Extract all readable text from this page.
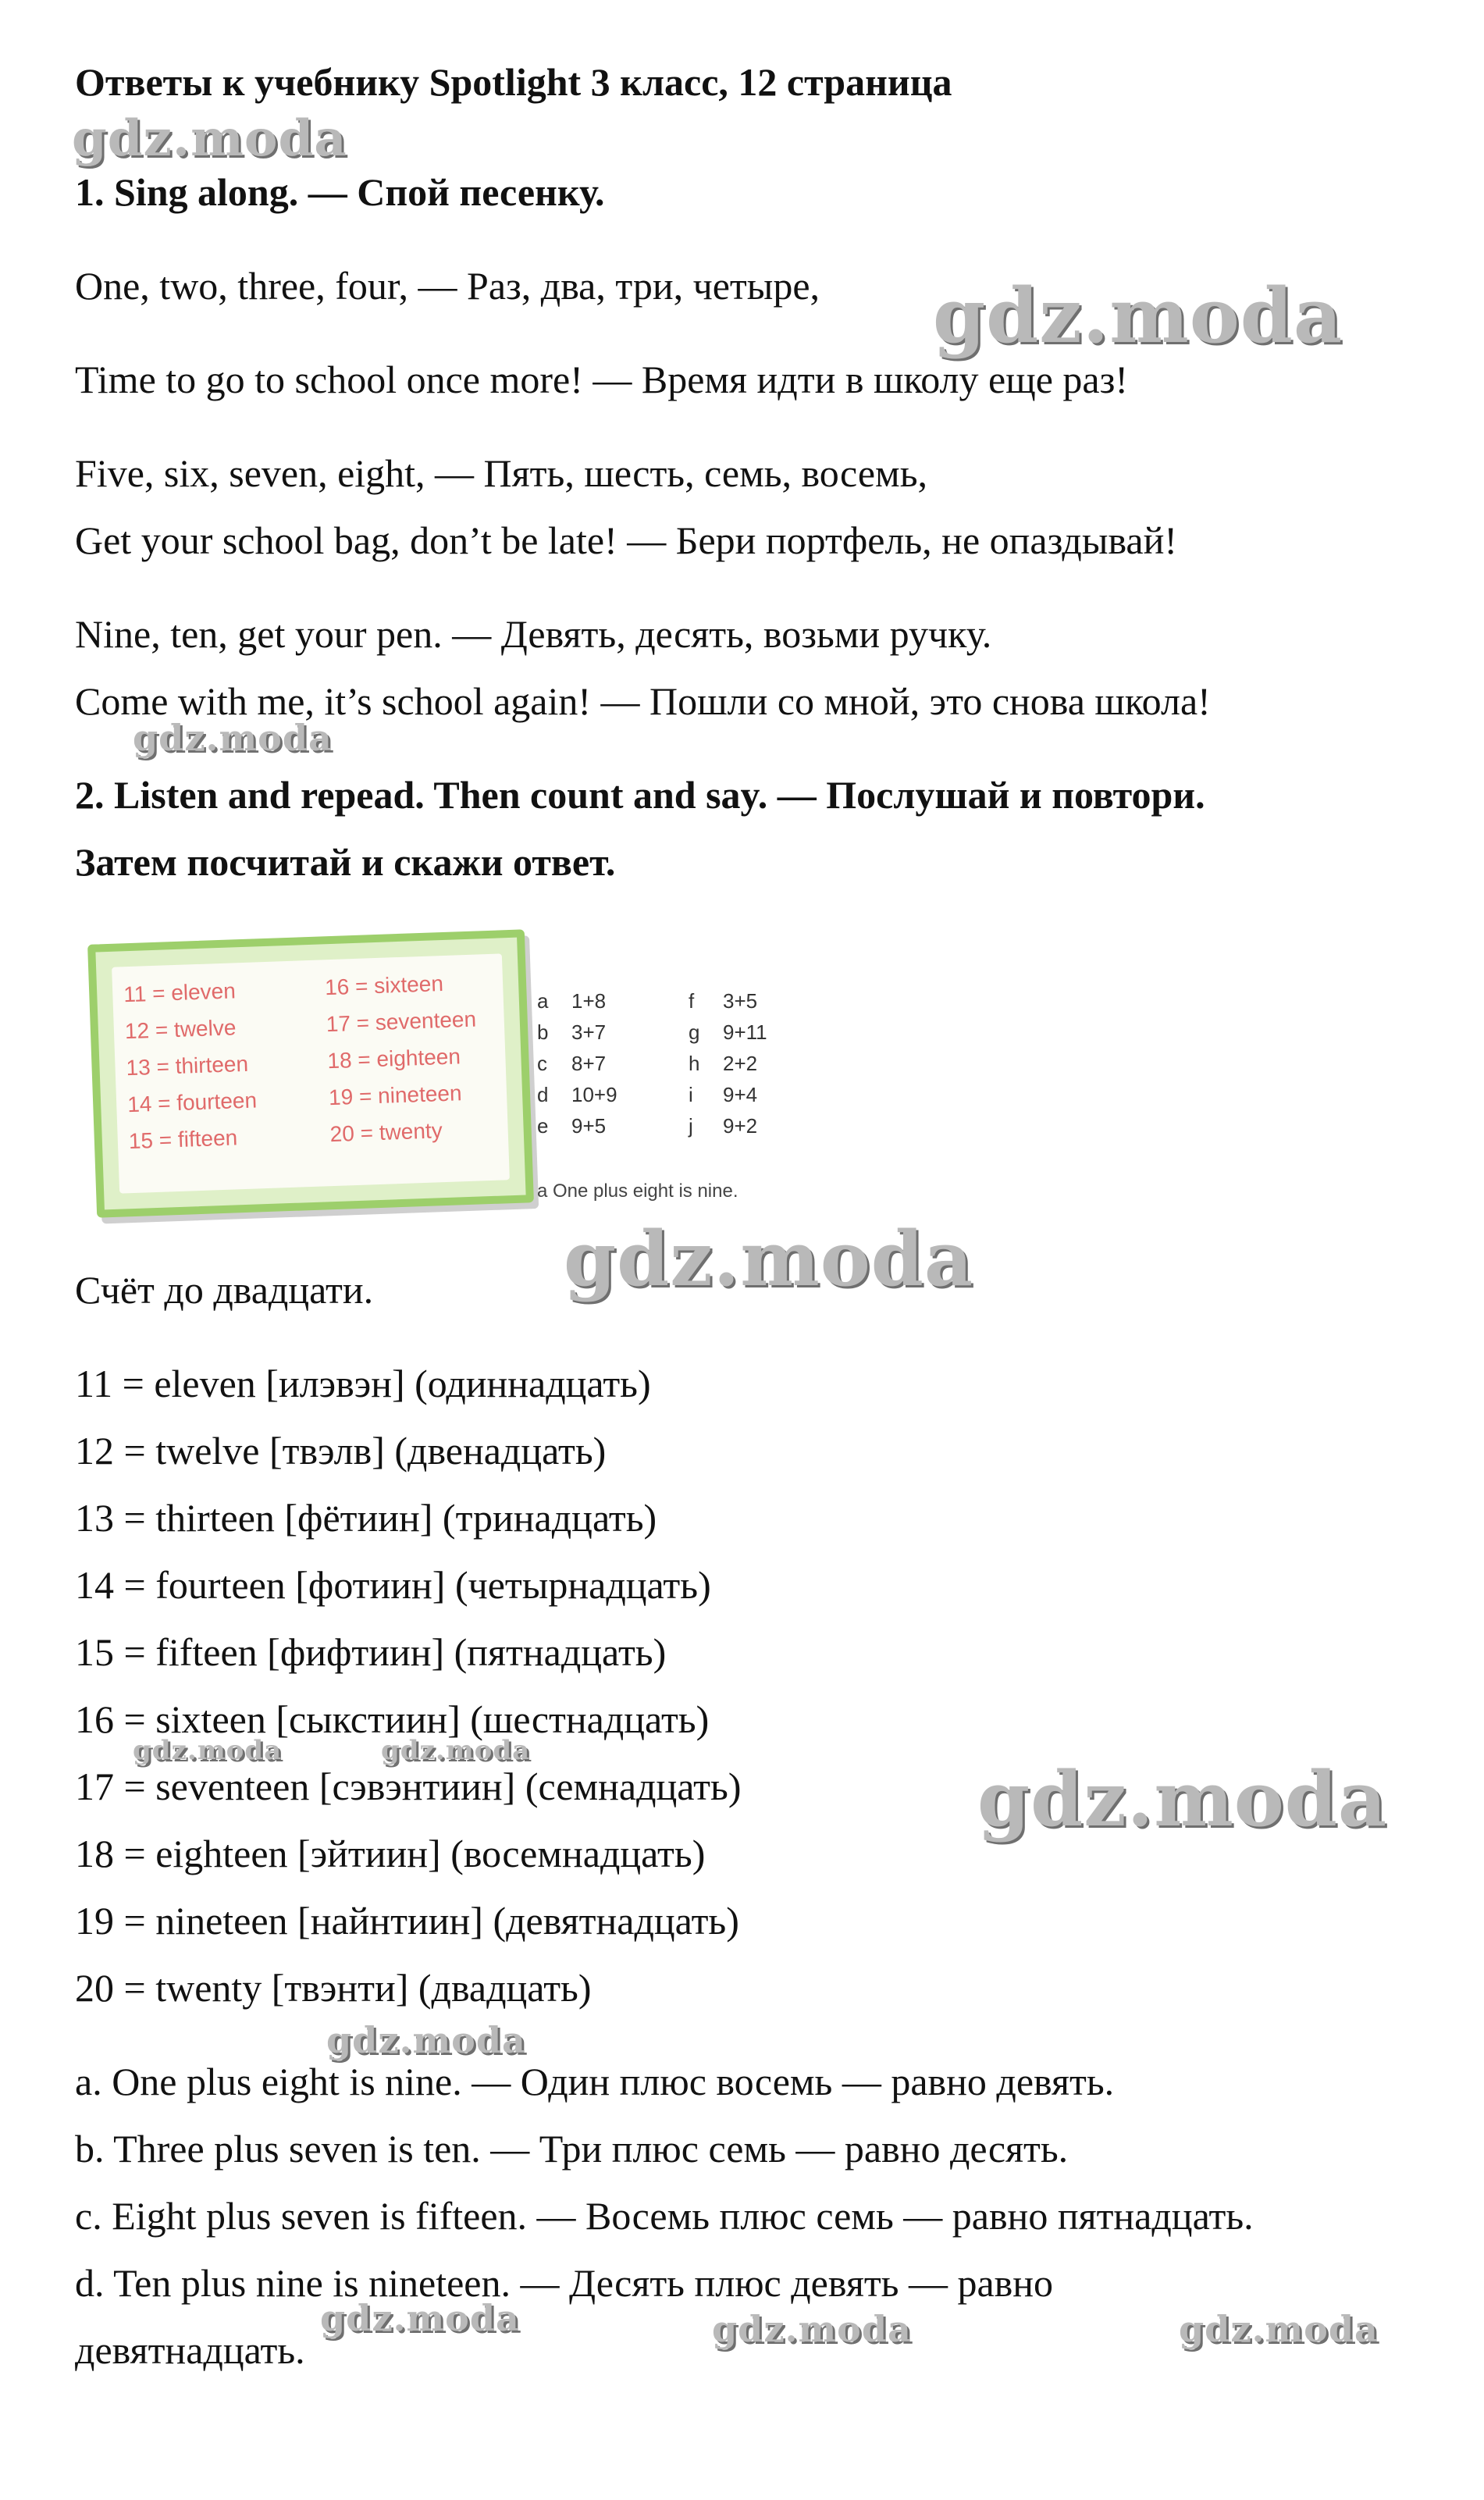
Ответы к учебнику Spotlight 3 класс, 12 страница
1. Sing along. — Спой песенку.
One, two, three, four, — Раз, два, три, четыре,
Time to go to school once more! — Время идти в школу еще раз!
Five, six, seven, eight, — Пять, шесть, семь, восемь,
Get your school bag, don’t be late! — Бери портфель, не опаздывай!
Nine, ten, get your pen. — Девять, десять, возьми ручку.
Come with me, it’s school again! — Пошли со мной, это снова школа!
2. Listen and repead. Then count and say. — Послушай и повтори.
Затем посчитай и скажи ответ.
11 = eleven
12 = twelve
13 = thirteen
14 = fourteen
15 = fifteen
16 = sixteen
17 = seventeen
18 = eighteen
19 = nineteen
20 = twenty
a 1+8
b 3+7
c 8+7
d 10+9
e 9+5
f 3+5
g 9+11
h 2+2
i 9+4
j 9+2
a One plus eight is nine.
Счёт до двадцати.
11 = eleven [илэвэн] (одиннадцать)
12 = twelve [твэлв] (двенадцать)
13 = thirteen [фётиин] (тринадцать)
14 = fourteen [фотиин] (четырнадцать)
15 = fifteen [фифтиин] (пятнадцать)
16 = sixteen [сыкстиин] (шестнадцать)
17 = seventeen [сэвэнтиин] (семнадцать)
18 = eighteen [эйтиин] (восемнадцать)
19 = nineteen [найнтиин] (девятнадцать)
20 = twenty [твэнти] (двадцать)
a. One plus eight is nine. — Один плюс восемь — равно девять.
b. Three plus seven is ten. — Три плюс семь — равно десять.
c. Eight plus seven is fifteen. — Восемь плюс семь — равно пятнадцать.
d. Ten plus nine is nineteen. — Десять плюс девять — равно
девятнадцать.
gdz.moda
gdz.moda
gdz.moda
gdz.moda
gdz.moda	gdz.moda
gdz.moda
gdz.moda
gdz.moda	gdz.moda	gdz.moda
